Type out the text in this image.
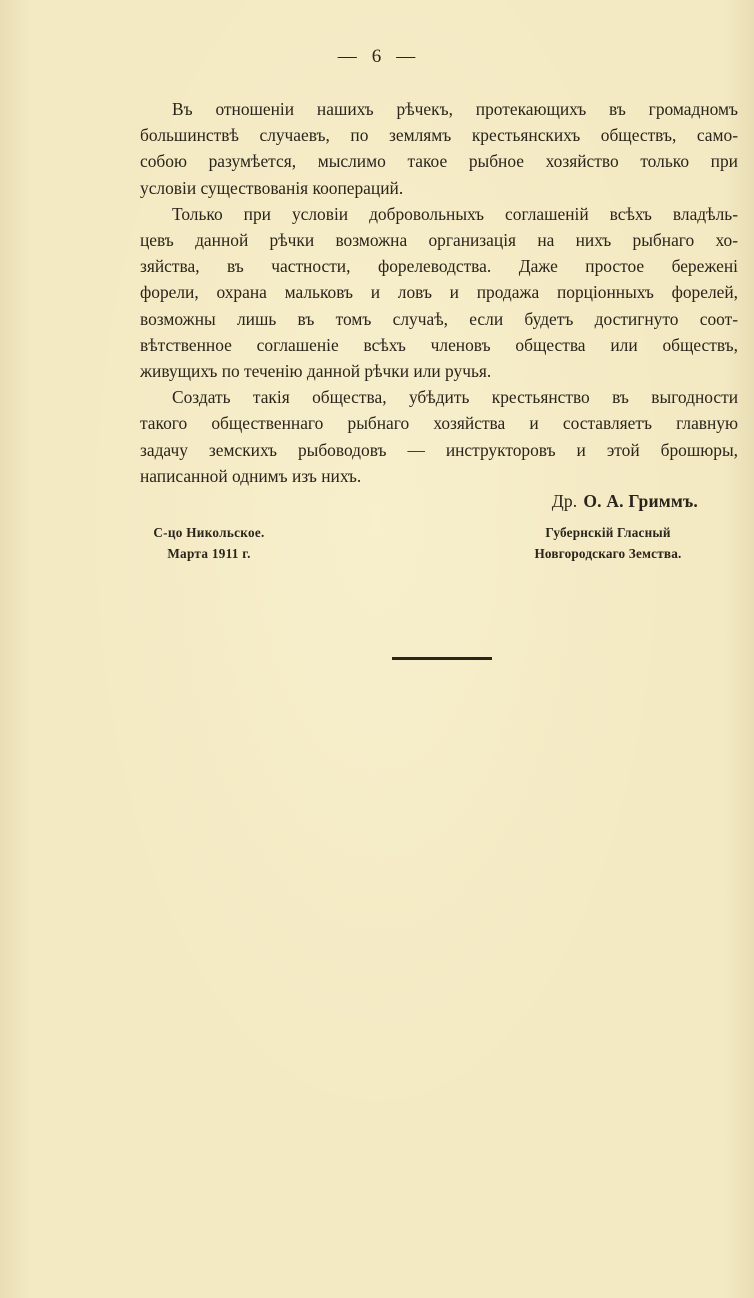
— 6 —

Въ отношеніи нашихъ рѣчекъ, протекающихъ въ громадномъ

большинствѣ случаевъ, по землямъ крестьянскихъ обществъ, само-

собою разумѣется, мыслимо такое рыбное хозяйство только при

условіи существованія коопераций.

Только при условіи добровольныхъ соглашеній всѣхъ владѣль-

цевъ данной рѣчки возможна организація на нихъ рыбнаго хо-

зяйства, въ частности, форелеводства. Даже простое бережені

форели, охрана мальковъ и ловъ и продажа порціонныхъ форелей,

возможны лишь въ томъ случаѣ, если будетъ достигнуто соот-

вѣтственное соглашеніе всѣхъ членовъ общества или обществъ,

живущихъ по теченію данной рѣчки или ручья.

Создать такія общества, убѣдить крестьянство въ выгодности

такого общественнаго рыбнаго хозяйства и составляетъ главную

задачу земскихъ рыбоводовъ — инструкторовъ и этой брошюры,

написанной однимъ изъ нихъ.

Др. О. А. Гриммъ.
С-цо Никольское.
Марта 1911 г.
Губернскій Гласный
Новгородскаго Земства.
